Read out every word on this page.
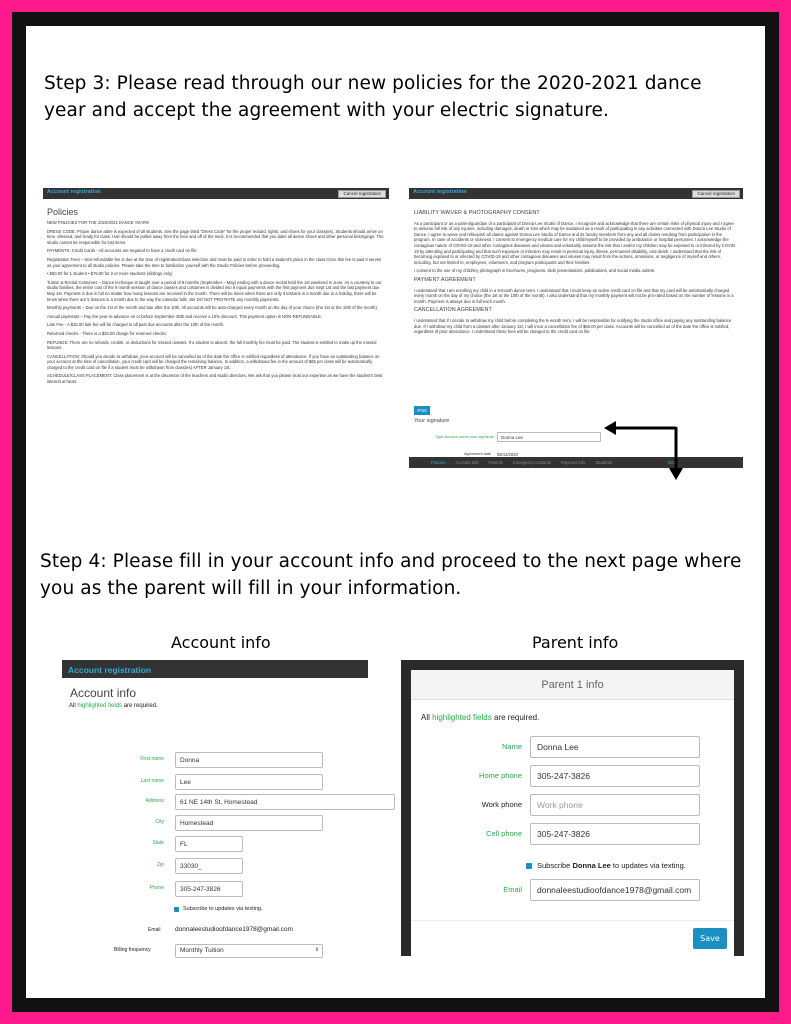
Step 3: Please read through our new policies for the 2020-2021 dance year and accept the agreement with your electric signature.
Account registration	Cancel registration
Policies

NEW POLICIES FOR THE 2020/2021 DANCE YEAR!!!

DRESS CODE: Proper dance attire is expected of all students. See the page titled "Dress Code" for the proper leotard, tights, and shoes for your class(es). Students should arrive on time, dressed, and ready for class. Hair should be pulled away from the face and off of the neck. It is recommended that you label all dance shoes and other personal belongings. The studio cannot be responsible for lost items.

PAYMENTS: Credit Cards - All accounts are required to have a credit card on file.

Registration Fees – Non-refundable fee is due at the time of registration/class selection and must be paid in order to hold a student's place in the class.Once this fee is paid it serves as your agreement to all studio policies. Please take the time to familiarize yourself with the Studio Policies before proceeding.

• $50.00 for 1 student • $75.00 for 2 or more students (siblings only)

Tuition & Recital Costumes – Dance technique is taught over a period of 9 months (September – May) ending with a dance recital held the 1st weekend in June. As a courtesy to our studio families, the entire cost of the 9 month session of dance classes and costumes is divided into 9 equal payments with the first payment due Sept 1st and the last payment due May 1st. Payment is due in full no matter how many lessons are received in the month. There will be times when there are only 3 lessons in a month due to a holiday, there will be times when there are 5 lessons in a month due to the way the calendar falls. We DO NOT PRO-RATE any monthly payments.

Monthly payments – Due on the 1st of the month and late after the 10th. All accounts will be auto-charged every month on the day of your choice (the 1st or the 10th of the month).

Annual payments – Pay the year-in-advance on or before September 30th and receive a 10% discount. This payment option is NON-REFUNDABLE.

Late Fee - A $15.00 late fee will be charged to all past due accounts after the 10th of the month.

Returned checks - There is a $20.00 charge for returned checks.

REFUNDS: There are no refunds, credits, or deductions for missed classes. If a student is absent, the full monthly fee must be paid. The student is entitled to make up the missed lessons.

CANCELLATION: Should you decide to withdraw, your account will be cancelled as of the date the office is notified regardless of attendance. If you have an outstanding balance on your account at the time of cancellation, your credit card will be charged the remaining balance. In addition, a withdrawal fee in the amount of $65 per class will be automatically charged to the credit card on file if a student must be withdrawn from class(es) AFTER January 1st.

SCHEDULE/CLASS PLACEMENT: Class placement is at the discretion of the teachers and studio directors. We ask that you please trust our expertise as we have the student's best interest at heart.

Account registration	Cancel registration
LIABILITY WAIVER & PHOTOGRAPHY CONSENT

As a participant or as a parent/guardian of a participant of Donna Lee Studio of Dance, I recognize and acknowledge that there are certain risks of physical injury and I agree to assume full risk of any injuries, including damages, death or loss which may be sustained as a result of participating in any activities connected with Donna Lee Studio of Dance. I agree to waive and relinquish all claims against Donna Lee Studio of Dance and its faculty members from any and all claims resulting from participation in the program. In case of accidents or sickness, I consent to emergency medical care for my child/myself to be provided by ambulance or hospital personnel. I acknowledge the contagious nature of COVID-19 and other contagious diseases and viruses and voluntarily assume the risk that I and/or my children may be exposed to or infected by COVID-19 by attending and participating and that such exposure or infection may result in personal injury, illness, permanent disability, and death. I understand that the risk of becoming exposed to or infected by COVID-19 and other contagious diseases and viruses may result from the actions, omissions, or negligence of myself and others, including, but not limited to, employees, volunteers, and program participants and their families.

I consent to the use of my child/my photograph in brochures, programs, slide presentations, publications, and social media outlets.

PAYMENT AGREEMENT

I understand that I am enrolling my child in a 9-month dance term. I understand that I must keep an active credit card on file and that my card will be automatically charged every month on the day of my choice (the 1st or the 10th of the month). I also understand that my monthly payment will not be pro-rated based on the number of lessons in a month. Payment is always due in full each month.

CANCELLATION AGREEMENT

I understand that if I decide to withdraw my child before completing the 9-month term, I will be responsible for notifying the studio office and paying any outstanding balance due. If I withdraw my child from a classes after January 1st, I will incur a cancellation fee of $65.00 per class. Accounts will be cancelled as of the date the office is notified, regardless of prior attendance. I understand these fees will be charged to the credit card on file.

Print
Your signature
Type account owner your signature	Donna Lee
Agreement date 08/13/2020
Policies Account info Parents Emergency contacts Payment info Students	Next
Step 4: Please fill in your account info and proceed to the next page where you as the parent will fill in your information.
Account info	Parent info
Account registration
Account info
All highlighted fields are required.
First name	Donna
Last name	Lee
Address	61 NE 14th St, Homestead
City	Homestead
State	FL
Zip	33030_
Phone	305-247-3826
Subscribe to updates via texting.
Email donnaleestudioofdance1978@gmail.com
Billing frequency	Monthly Tuition	⇕
Parent 1 info
All highlighted fields are required.
Name	Donna Lee
Home phone	305-247-3826
Work phone	Work phone
Cell phone	305-247-3826
Subscribe Donna Lee to updates via texting.
Email	donnaleestudioofdance1978@gmail.com
Save
